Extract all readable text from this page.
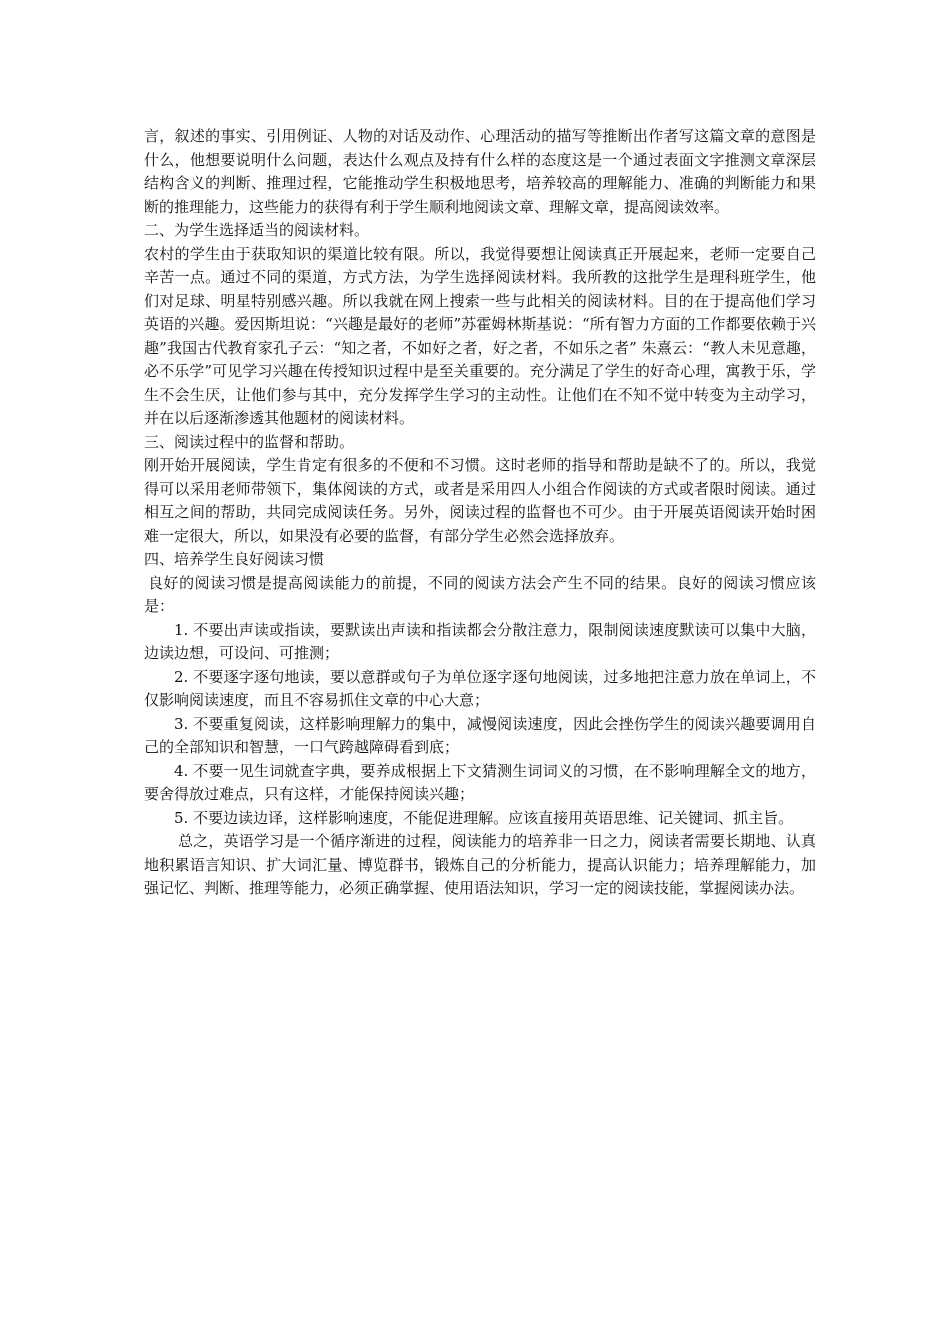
言，叙述的事实、引用例证、人物的对话及动作、心理活动的描写等推断出作者写这篇文章的意图是什么，他想要说明什么问题，表达什么观点及持有什么样的态度这是一个通过表面文字推测文章深层结构含义的判断、推理过程，它能推动学生积极地思考，培养较高的理解能力、准确的判断能力和果断的推理能力，这些能力的获得有利于学生顺利地阅读文章、理解文章，提高阅读效率。

二、为学生选择适当的阅读材料。

农村的学生由于获取知识的渠道比较有限。所以，我觉得要想让阅读真正开展起来，老师一定要自己辛苦一点。通过不同的渠道，方式方法，为学生选择阅读材料。我所教的这批学生是理科班学生，他们对足球、明星特别感兴趣。所以我就在网上搜索一些与此相关的阅读材料。目的在于提高他们学习英语的兴趣。爱因斯坦说：“兴趣是最好的老师”苏霍姆林斯基说：“所有智力方面的工作都要依赖于兴趣”我国古代教育家孔子云：“知之者，不如好之者，好之者，不如乐之者” 朱熹云：“教人未见意趣，必不乐学”可见学习兴趣在传授知识过程中是至关重要的。充分满足了学生的好奇心理，寓教于乐，学生不会生厌，让他们参与其中，充分发挥学生学习的主动性。让他们在不知不觉中转变为主动学习，并在以后逐渐渗透其他题材的阅读材料。

三、阅读过程中的监督和帮助。

刚开始开展阅读，学生肯定有很多的不便和不习惯。这时老师的指导和帮助是缺不了的。所以，我觉得可以采用老师带领下，集体阅读的方式，或者是采用四人小组合作阅读的方式或者限时阅读。通过相互之间的帮助，共同完成阅读任务。另外，阅读过程的监督也不可少。由于开展英语阅读开始时困难一定很大，所以，如果没有必要的监督，有部分学生必然会选择放弃。

四、培养学生良好阅读习惯

良好的阅读习惯是提高阅读能力的前提，不同的阅读方法会产生不同的结果。良好的阅读习惯应该是：

1. 不要出声读或指读，要默读出声读和指读都会分散注意力，限制阅读速度默读可以集中大脑，边读边想，可设问、可推测；

2. 不要逐字逐句地读，要以意群或句子为单位逐字逐句地阅读，过多地把注意力放在单词上，不仅影响阅读速度，而且不容易抓住文章的中心大意；

3. 不要重复阅读，这样影响理解力的集中，减慢阅读速度，因此会挫伤学生的阅读兴趣要调用自己的全部知识和智慧，一口气跨越障碍看到底；

4. 不要一见生词就查字典，要养成根据上下文猜测生词词义的习惯，在不影响理解全文的地方，要舍得放过难点，只有这样，才能保持阅读兴趣；

5. 不要边读边译，这样影响速度，不能促进理解。应该直接用英语思维、记关键词、抓主旨。

总之，英语学习是一个循序渐进的过程，阅读能力的培养非一日之力，阅读者需要长期地、认真地积累语言知识、扩大词汇量、博览群书，锻炼自己的分析能力，提高认识能力；培养理解能力，加强记忆、判断、推理等能力，必须正确掌握、使用语法知识，学习一定的阅读技能，掌握阅读办法。
